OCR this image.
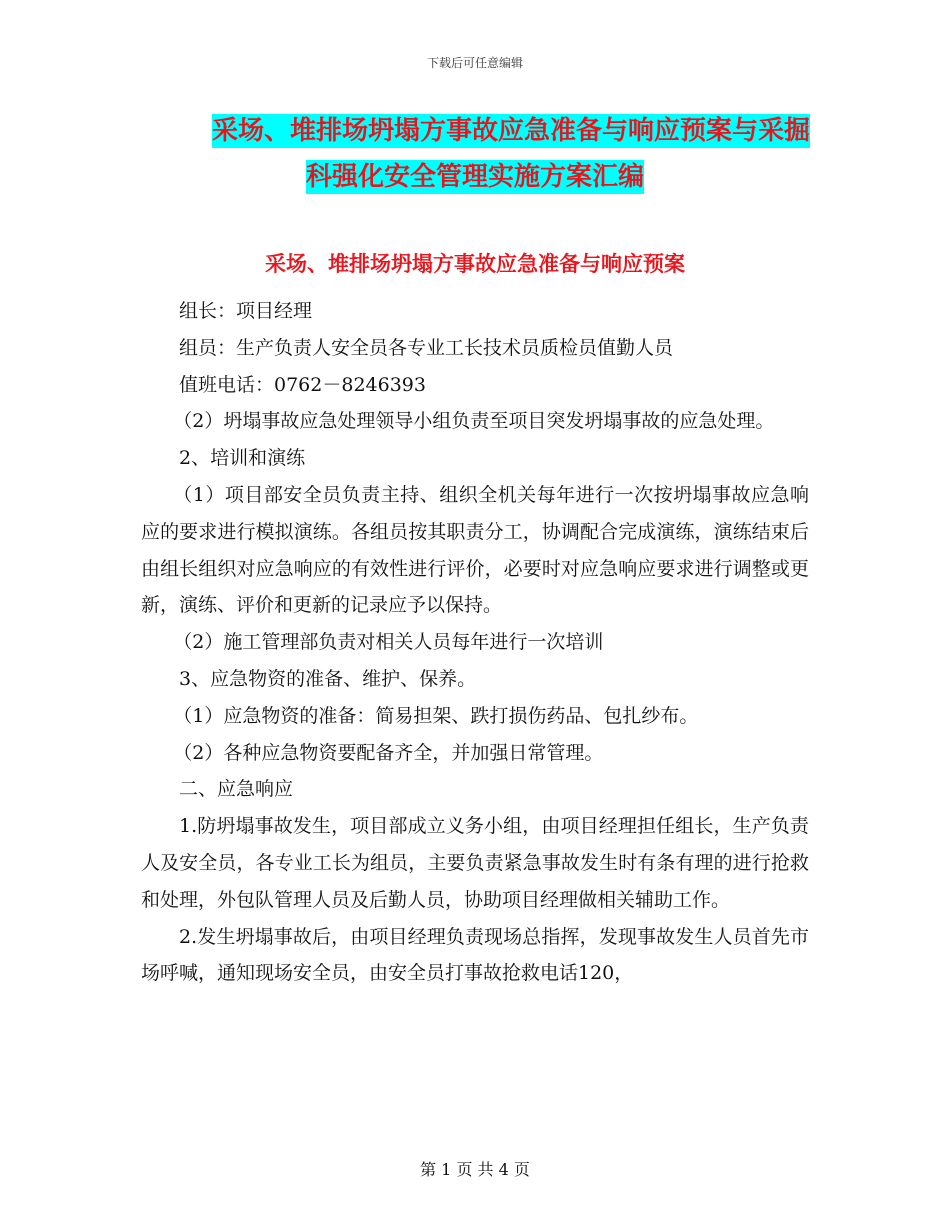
下载后可任意编辑
采场、堆排场坍塌方事故应急准备与响应预案与采掘
科强化安全管理实施方案汇编
采场、堆排场坍塌方事故应急准备与响应预案

组长：项目经理

组员：生产负责人安全员各专业工长技术员质检员值勤人员

值班电话：0762－8246393

（2）坍塌事故应急处理领导小组负责至项目突发坍塌事故的应急处理。

2、培训和演练

（1）项目部安全员负责主持、组织全机关每年进行一次按坍塌事故应急响应的要求进行模拟演练。各组员按其职责分工，协调配合完成演练，演练结束后由组长组织对应急响应的有效性进行评价，必要时对应急响应要求进行调整或更新，演练、评价和更新的记录应予以保持。

（2）施工管理部负责对相关人员每年进行一次培训

3、应急物资的准备、维护、保养。

（1）应急物资的准备：简易担架、跌打损伤药品、包扎纱布。

（2）各种应急物资要配备齐全，并加强日常管理。

二、应急响应

1.防坍塌事故发生，项目部成立义务小组，由项目经理担任组长，生产负责人及安全员，各专业工长为组员，主要负责紧急事故发生时有条有理的进行抢救和处理，外包队管理人员及后勤人员，协助项目经理做相关辅助工作。

2.发生坍塌事故后，由项目经理负责现场总指挥，发现事故发生人员首先市场呼喊，通知现场安全员，由安全员打事故抢救电话120，

第 1 页 共 4 页
